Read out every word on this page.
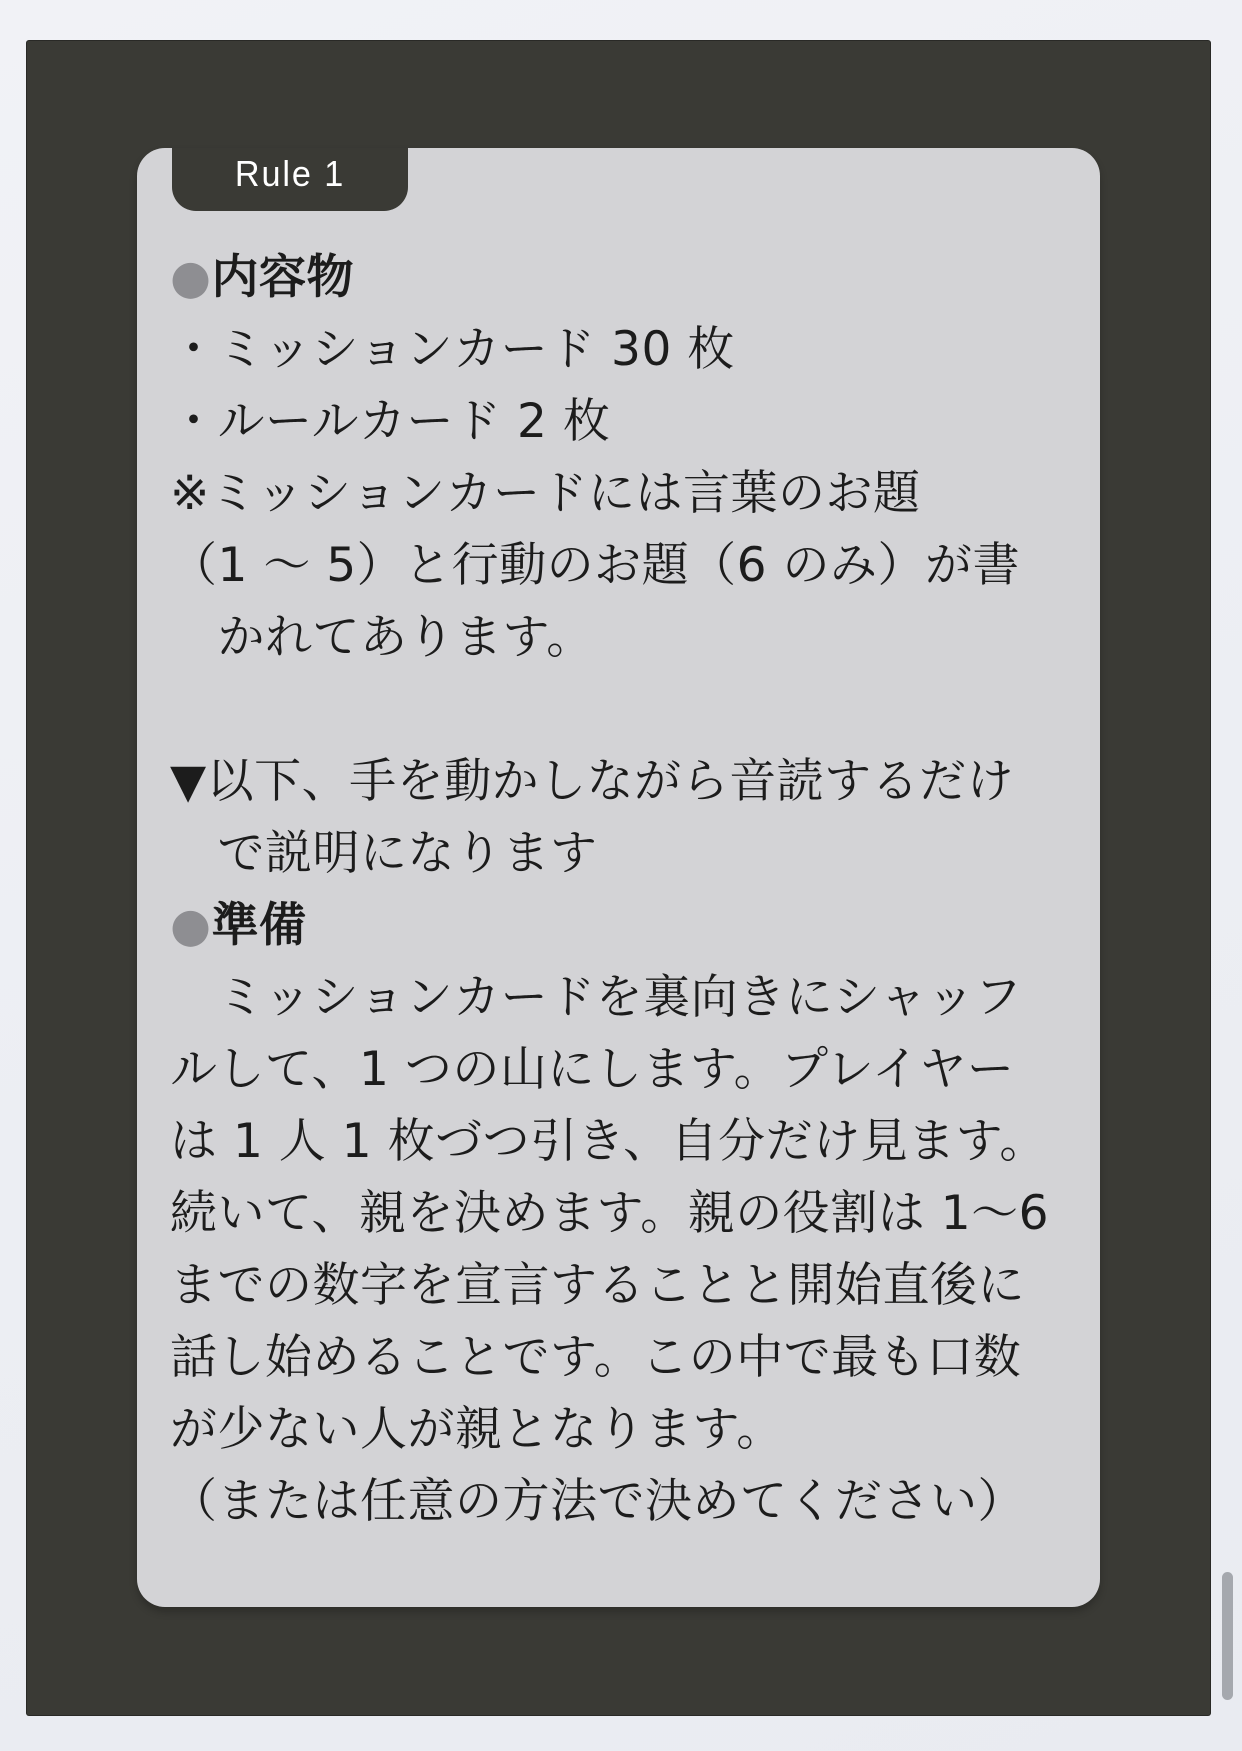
Rule 1
●内容物
・ミッションカード 30 枚
・ルールカード 2 枚
※ミッションカードには言葉のお題
（1 〜 5）と行動のお題（6 のみ）が書
　かれてあります。

▼以下、手を動かしながら音読するだけ
　で説明になります
●準備
　ミッションカードを裏向きにシャッフ
ルして、1 つの山にします。プレイヤー
は 1 人 1 枚づつ引き、自分だけ見ます。
続いて、親を決めます。親の役割は 1〜6
までの数字を宣言することと開始直後に
話し始めることです。この中で最も口数
が少ない人が親となります。
（または任意の方法で決めてください）
